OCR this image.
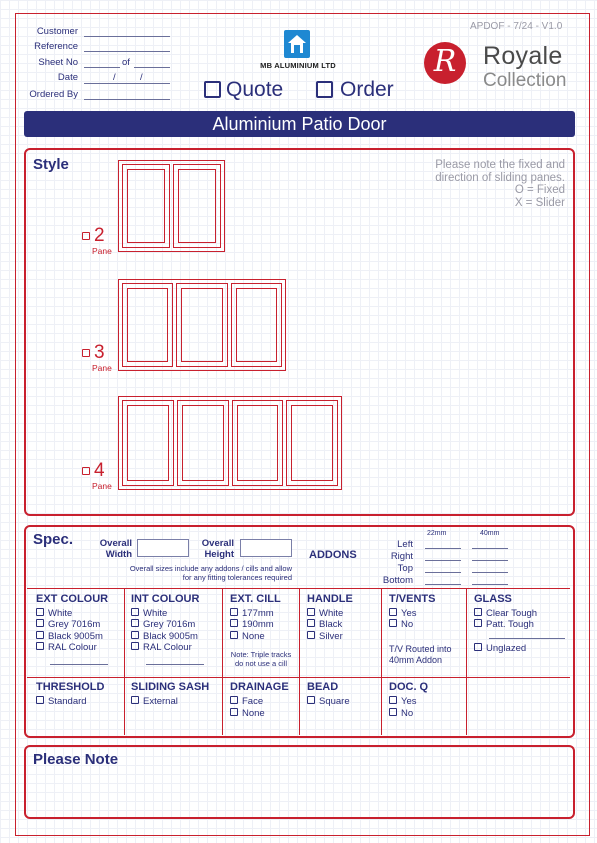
Customer
Reference
Sheet No	of
Date	/	/
Ordered By
MB ALUMINIUM LTD
Quote	Order
APDOF - 7/24 - V1.0
R	Royale
Collection
Aluminium Patio Door
Style	Please note the fixed and
direction of sliding panes.
O = Fixed
X = Slider
2
Pane
3
Pane
4
Pane
Spec.	Overall
Width
Overall
Height
Overall sizes include any addons / cills and allow
for any fitting tolerances required
ADDONS
22mm	40mm
Left
Right
Top
Bottom
EXT COLOUR
White
Grey 7016m
Black 9005m
RAL Colour
INT COLOUR
White
Grey 7016m
Black 9005m
RAL Colour
EXT. CILL
177mm
190mm
None
Note: Triple tracks
do not use a cill
HANDLE
White
Black
Silver
T/VENTS
Yes
No
T/V Routed into
40mm Addon
GLASS
Clear Tough
Patt. Tough
Unglazed
THRESHOLD
Standard
SLIDING SASH
External
DRAINAGE
Face
None
BEAD
Square
DOC. Q
Yes
No
Please Note
